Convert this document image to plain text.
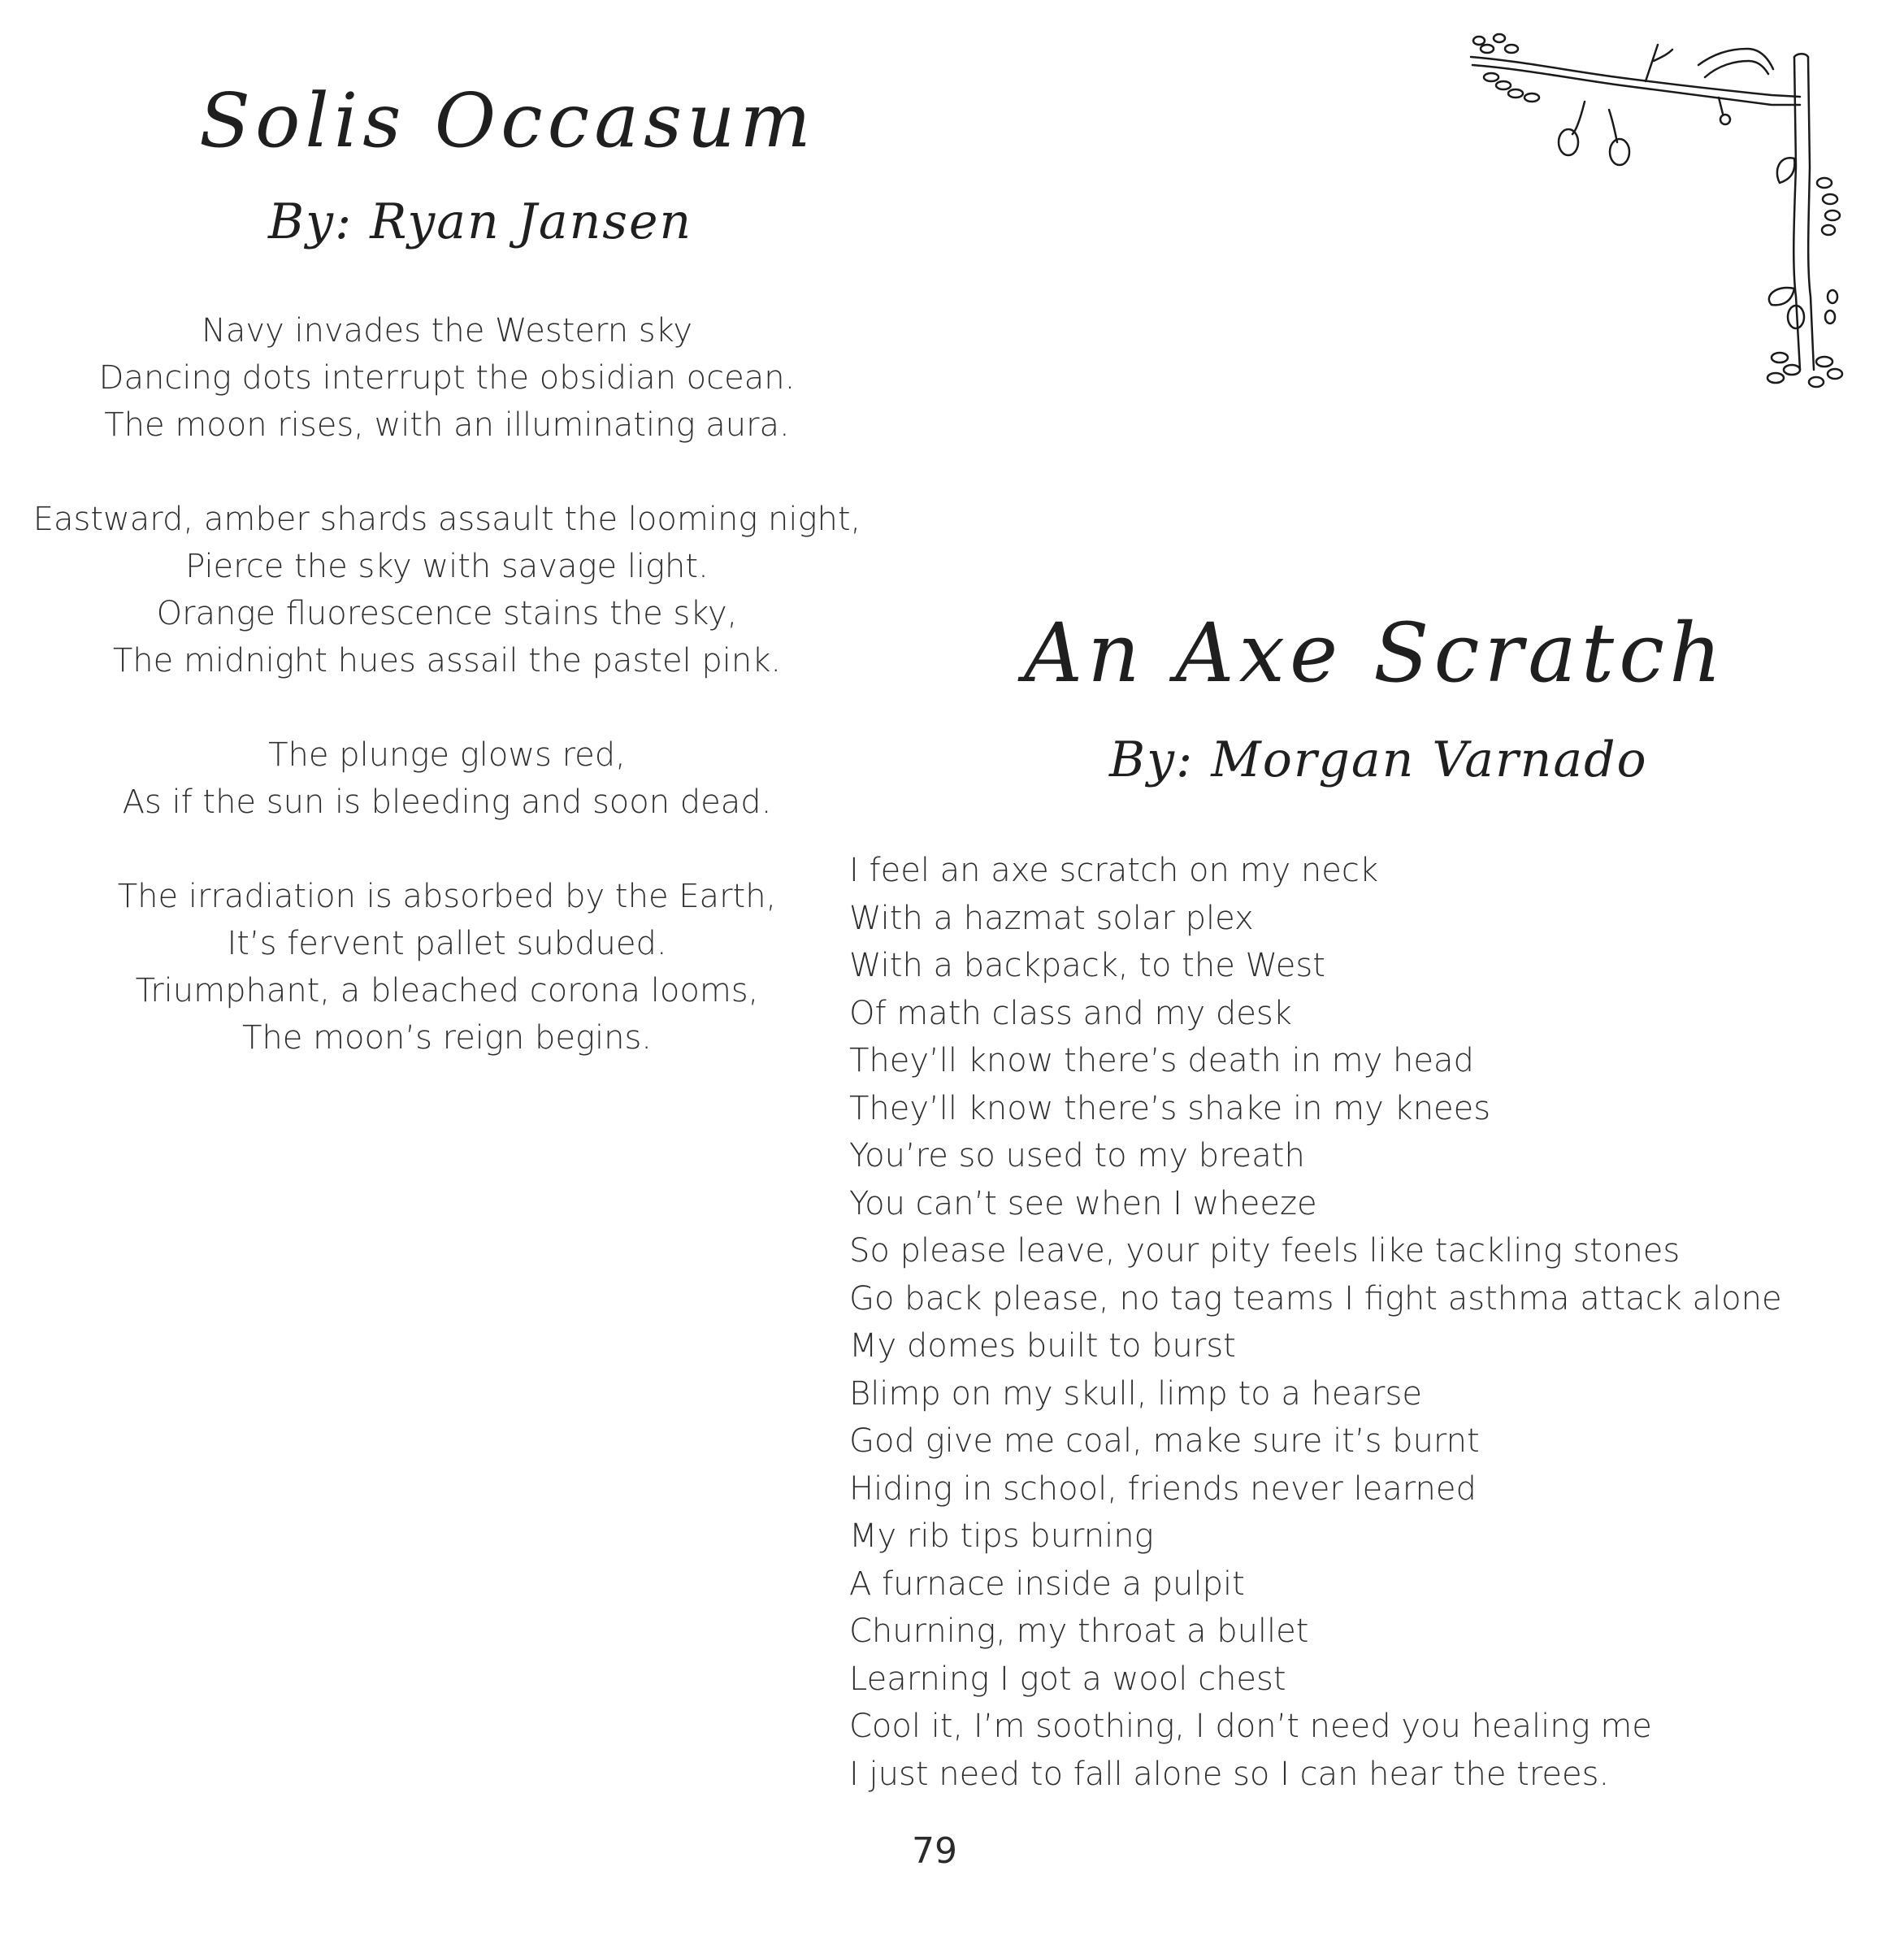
Solis Occasum
By: Ryan Jansen
Navy invades the Western sky
Dancing dots interrupt the obsidian ocean.
The moon rises, with an illuminating aura.
Eastward, amber shards assault the looming night,
Pierce the sky with savage light.
Orange fluorescence stains the sky,
The midnight hues assail the pastel pink.
The plunge glows red,
As if the sun is bleeding and soon dead.
The irradiation is absorbed by the Earth,
It’s fervent pallet subdued.
Triumphant, a bleached corona looms,
The moon’s reign begins.
An Axe Scratch
By: Morgan Varnado
I feel an axe scratch on my neck
With a hazmat solar plex
With a backpack, to the West
Of math class and my desk
They’ll know there’s death in my head
They’ll know there’s shake in my knees
You’re so used to my breath
You can’t see when I wheeze
So please leave, your pity feels like tackling stones
Go back please, no tag teams I fight asthma attack alone
My domes built to burst
Blimp on my skull, limp to a hearse
God give me coal, make sure it’s burnt
Hiding in school, friends never learned
My rib tips burning
A furnace inside a pulpit
Churning, my throat a bullet
Learning I got a wool chest
Cool it, I’m soothing, I don’t need you healing me
I just need to fall alone so I can hear the trees.
79
